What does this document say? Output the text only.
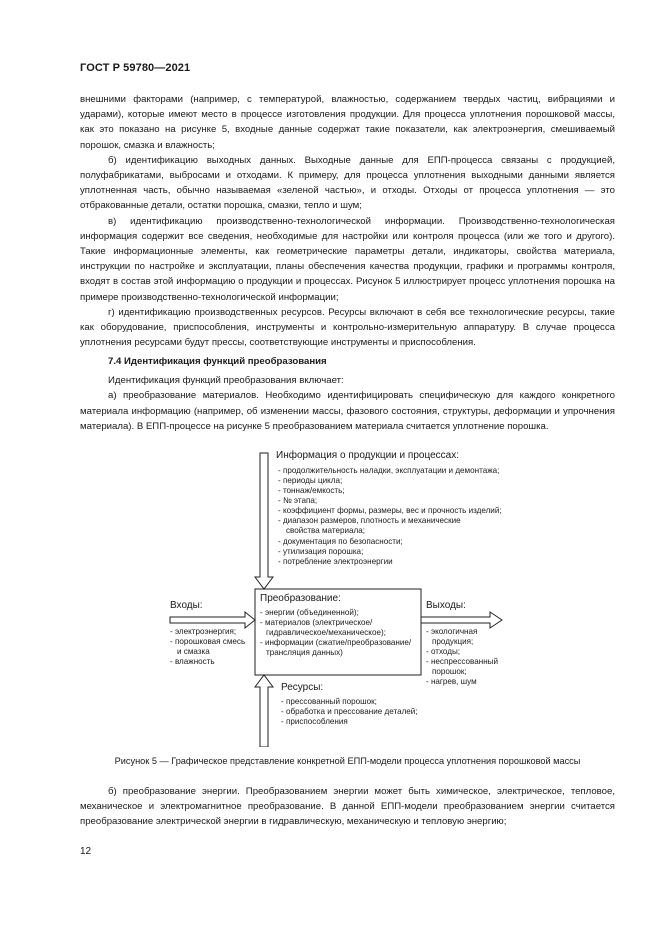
ГОСТ Р 59780—2021

внешними факторами (например, с температурой, влажностью, содержанием твердых частиц, вибрациями и ударами), которые имеют место в процессе изготовления продукции. Для процесса уплотнения порошковой массы, как это показано на рисунке 5, входные данные содержат такие показатели, как электроэнергия, смешиваемый порошок, смазка и влажность;

б) идентификацию выходных данных. Выходные данные для ЕПП-процесса связаны с продукцией, полуфабрикатами, выбросами и отходами. К примеру, для процесса уплотнения выходными данными является уплотненная часть, обычно называемая «зеленой частью», и отходы. Отходы от процесса уплотнения — это отбракованные детали, остатки порошка, смазки, тепло и шум;

в) идентификацию производственно-технологической информации. Производственно-технологическая информация содержит все сведения, необходимые для настройки или контроля процесса (или же того и другого). Такие информационные элементы, как геометрические параметры детали, индикаторы, свойства материала, инструкции по настройке и эксплуатации, планы обеспечения качества продукции, графики и программы контроля, входят в состав этой информацию о продукции и процессах. Рисунок 5 иллюстрирует процесс уплотнения порошка на примере производственно-технологической информации;

г) идентификацию производственных ресурсов. Ресурсы включают в себя все технологические ресурсы, такие как оборудование, приспособления, инструменты и контрольно-измерительную аппаратуру. В случае процесса уплотнения ресурсами будут прессы, соответствующие инструменты и приспособления.

7.4 Идентификация функций преобразования

Идентификация функций преобразования включает:

а) преобразование материалов. Необходимо идентифицировать специфическую для каждого конкретного материала информацию (например, об изменении массы, фазового состояния, структуры, деформации и упрочнения материала). В ЕПП-процессе на рисунке 5 преобразованием материала считается уплотнение порошка.

Информация о продукции и процессах:
- продолжительность наладки, эксплуатации и демонтажа;
- периоды цикла;
- тоннаж/емкость;
- № этапа;
- коэффициент формы, размеры, вес и прочность изделий;
- диапазон размеров, плотность и механические
свойства материала;
- документация по безопасности;
- утилизация порошка;
- потребление электроэнергии
Входы:
- электроэнергия;
- порошковая смесь
и смазка
- влажность
Преобразование:
- энергии (объединенной);
- материалов (электрическое/
гидравлическое/механическое);
- информации (сжатие/преобразование/
трансляция данных)
Выходы:
- экологичная
продукция;
- отходы;
- неспрессованный
порошок;
- нагрев, шум
Ресурсы:
- прессованный порошок;
- обработка и прессование деталей;
- приспособления
Рисунок 5 — Графическое представление конкретной ЕПП-модели процесса уплотнения порошковой массы

б) преобразование энергии. Преобразованием энергии может быть химическое, электрическое, тепловое, механическое и электромагнитное преобразование. В данной ЕПП-модели преобразованием энергии считается преобразование электрической энергии в гидравлическую, механическую и тепловую энергию;

12
